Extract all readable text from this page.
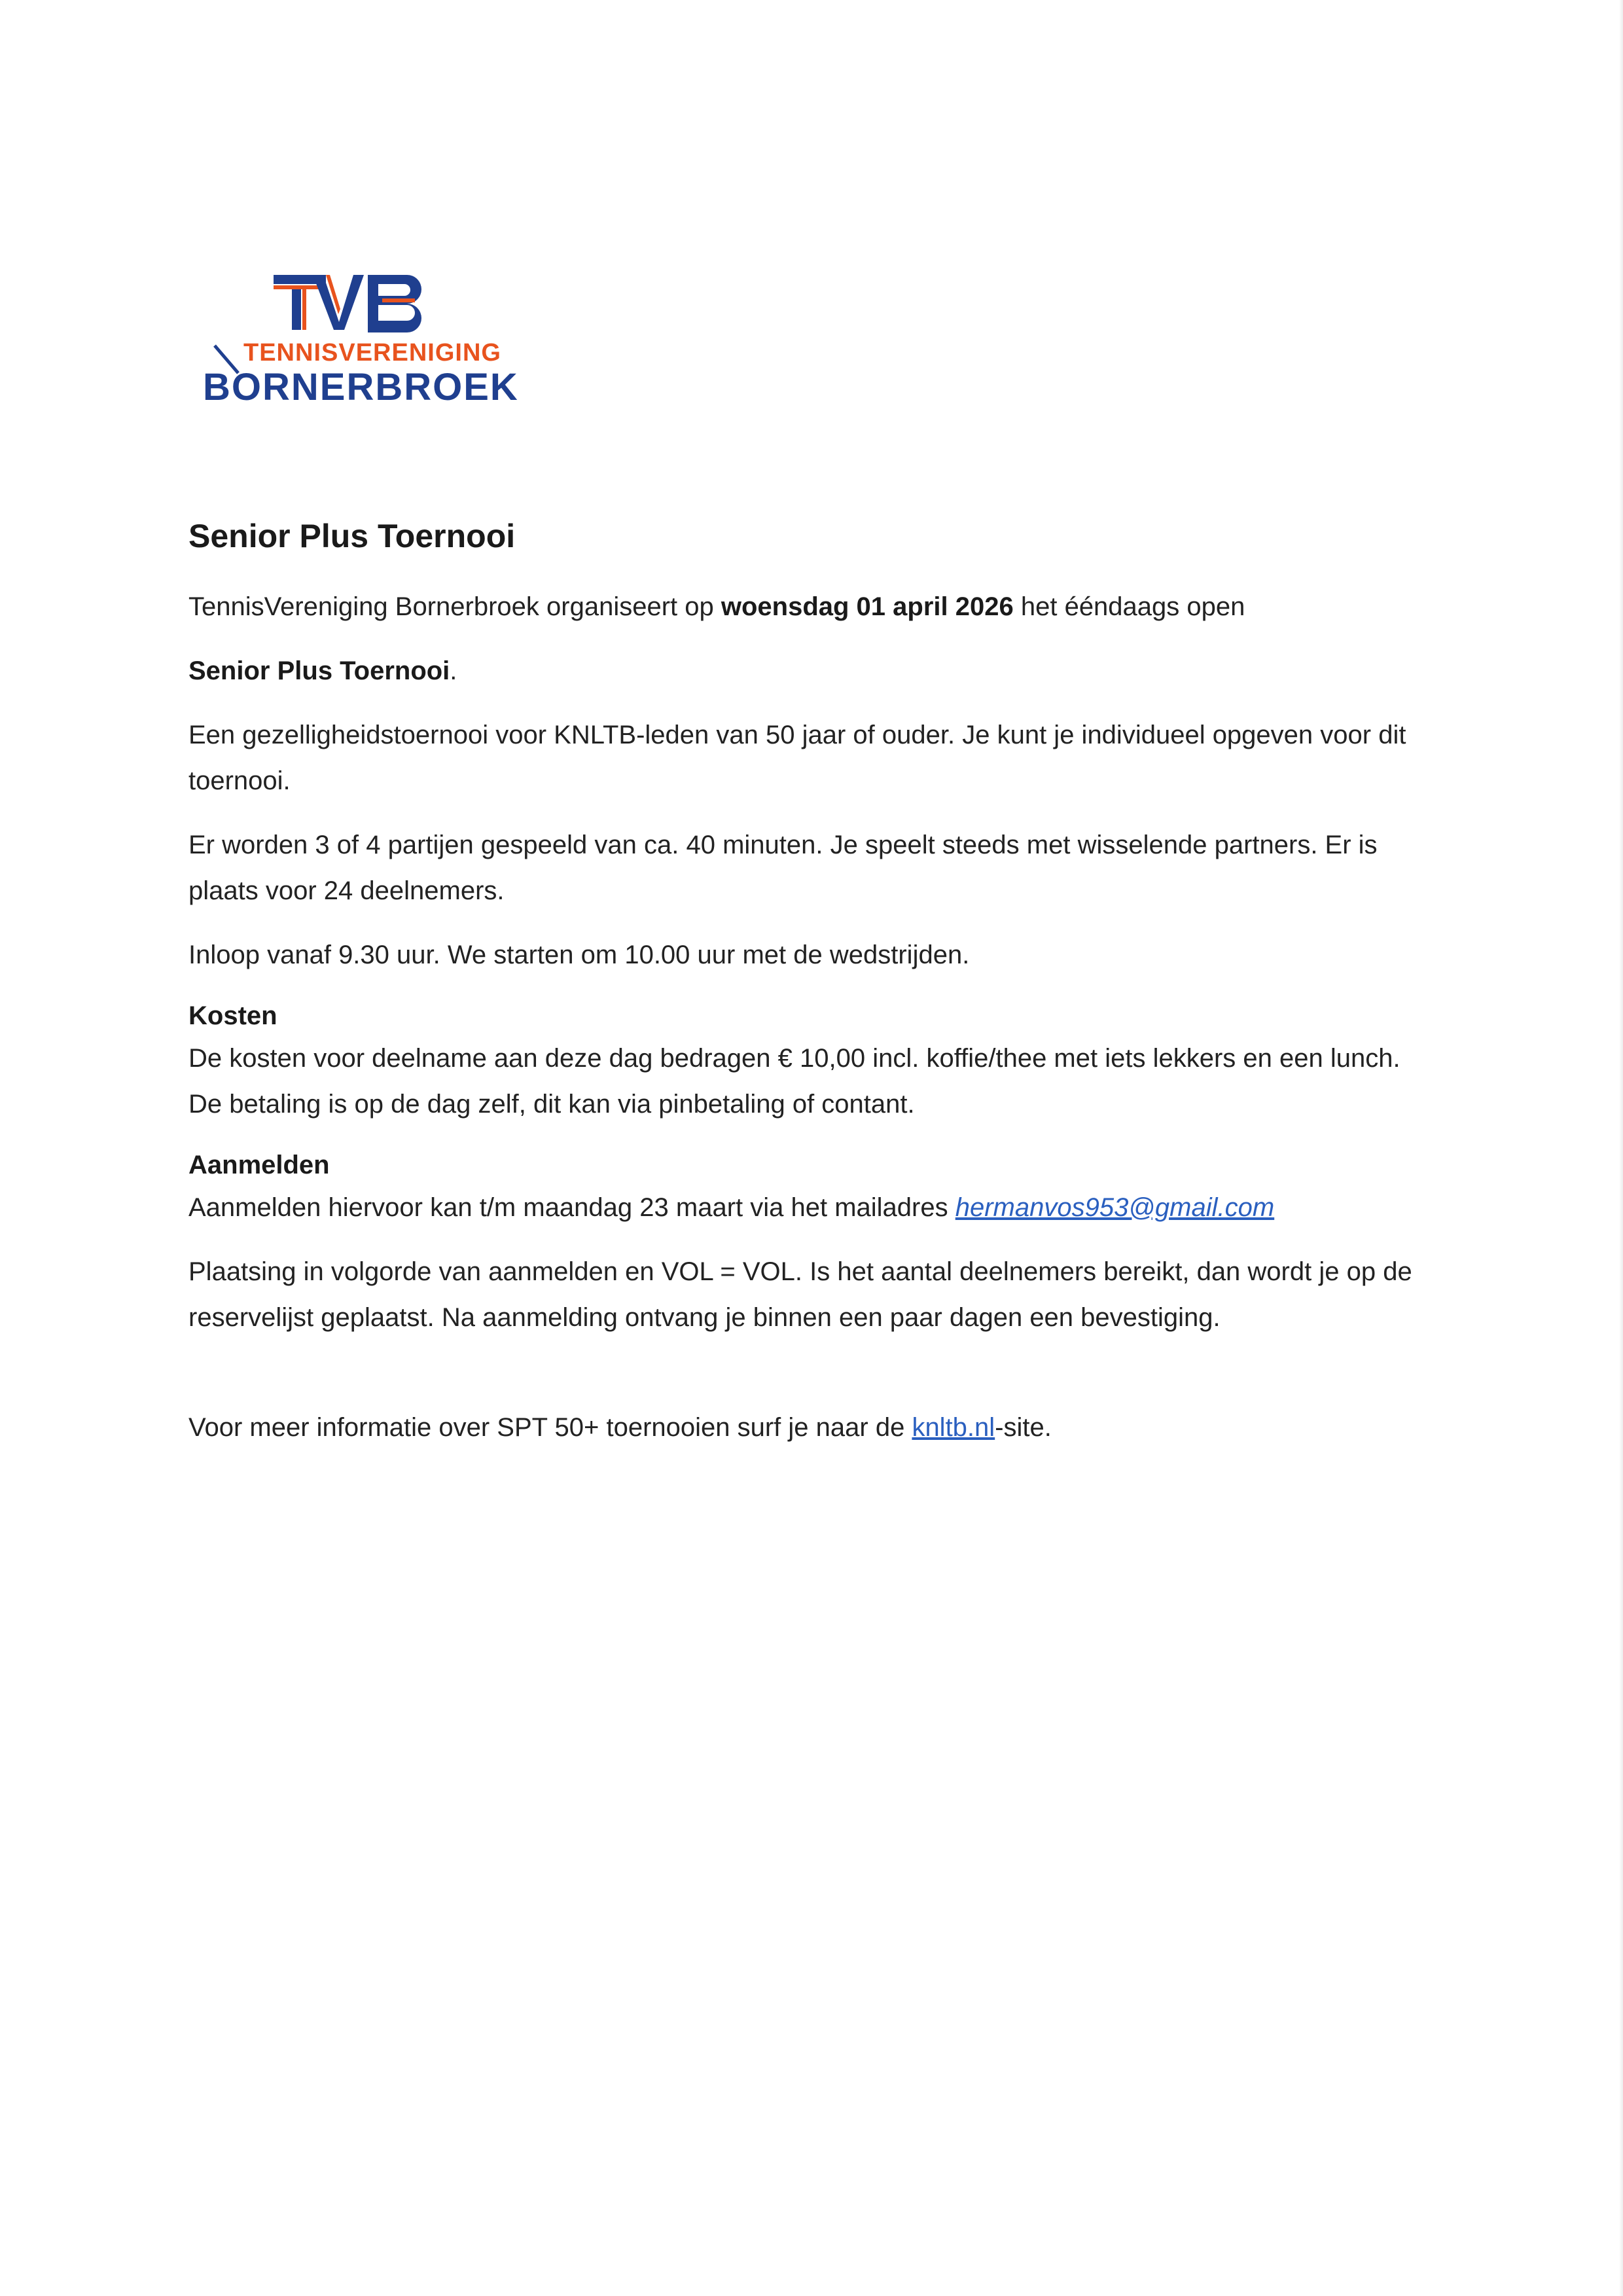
TENNISVERENIGING
BORNERBROEK
Senior Plus Toernooi

TennisVereniging Bornerbroek organiseert op woensdag 01 april 2026 het ééndaags open

Senior Plus Toernooi.

Een gezelligheidstoernooi voor KNLTB-leden van 50 jaar of ouder. Je kunt je individueel opgeven voor dit toernooi.

Er worden 3 of 4 partijen gespeeld van ca. 40 minuten. Je speelt steeds met wisselende partners. Er is plaats voor 24 deelnemers.

Inloop vanaf 9.30 uur. We starten om 10.00 uur met de wedstrijden.

Kosten

De kosten voor deelname aan deze dag bedragen € 10,00 incl. koffie/thee met iets lekkers en een lunch.

De betaling is op de dag zelf, dit kan via pinbetaling of contant.

Aanmelden

Aanmelden hiervoor kan t/m maandag 23 maart via het mailadres hermanvos953@gmail.com

Plaatsing in volgorde van aanmelden en VOL = VOL. Is het aantal deelnemers bereikt, dan wordt je op de reservelijst geplaatst. Na aanmelding ontvang je binnen een paar dagen een bevestiging.

Voor meer informatie over SPT 50+ toernooien surf je naar de knltb.nl-site.
